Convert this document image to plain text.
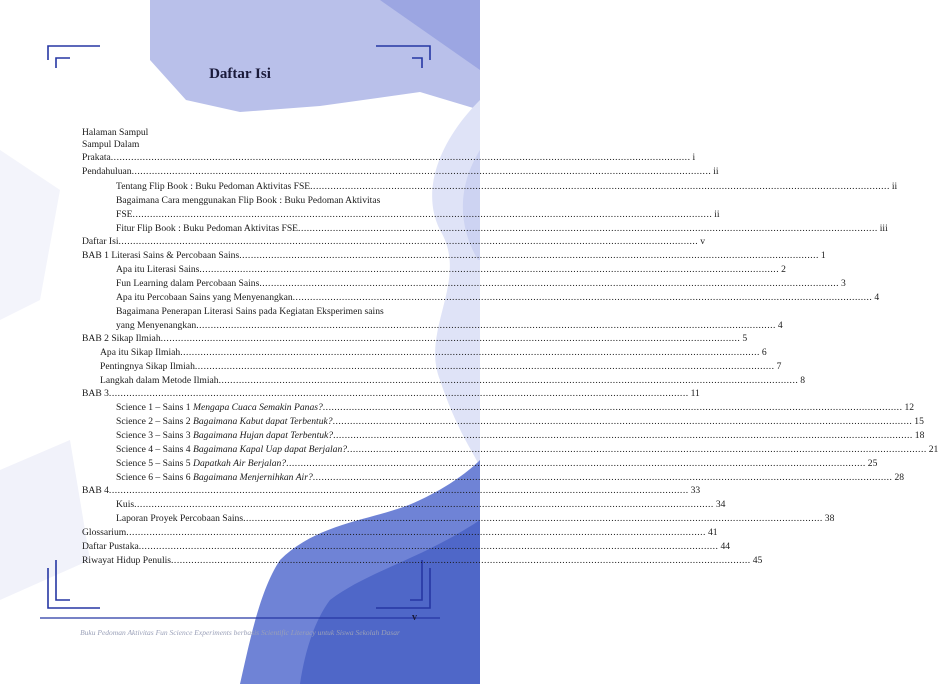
Daftar Isi
Halaman Sampul
Sampul Dalam
Prakata ........................................................................................................................................................................................................ i
Pendahuluan ........................................................................................................................................................................................................ ii
Tentang Flip Book : Buku Pedoman Aktivitas FSE ........................................................................................................................................................................................................ ii
Bagaimana Cara menggunakan Flip Book : Buku Pedoman Aktivitas
FSE ........................................................................................................................................................................................................ ii
Fitur Flip Book : Buku Pedoman Aktivitas FSE ........................................................................................................................................................................................................ iii
Daftar Isi ........................................................................................................................................................................................................ v
BAB 1 Literasi Sains & Percobaan Sains ........................................................................................................................................................................................................ 1
Apa itu Literasi Sains ........................................................................................................................................................................................................ 2
Fun Learning dalam Percobaan Sains ........................................................................................................................................................................................................ 3
Apa itu Percobaan Sains yang Menyenangkan ........................................................................................................................................................................................................ 4
Bagaimana Penerapan Literasi Sains pada Kegiatan Eksperimen sains
yang Menyenangkan ........................................................................................................................................................................................................ 4
BAB 2 Sikap Ilmiah ........................................................................................................................................................................................................ 5
Apa itu Sikap Ilmiah ........................................................................................................................................................................................................ 6
Pentingnya Sikap Ilmiah ........................................................................................................................................................................................................ 7
Langkah dalam Metode Ilmiah ........................................................................................................................................................................................................ 8
BAB 3 ........................................................................................................................................................................................................ 11
Science 1 – Sains 1 Mengapa Cuaca Semakin Panas? ........................................................................................................................................................................................................ 12
Science 2 – Sains 2 Bagaimana Kabut dapat Terbentuk? ........................................................................................................................................................................................................ 15
Science 3 – Sains 3 Bagaimana Hujan dapat Terbentuk? ........................................................................................................................................................................................................ 18
Science 4 – Sains 4 Bagaimana Kapal Uap dapat Berjalan? ........................................................................................................................................................................................................ 21
Science 5 – Sains 5 Dapatkah Air Berjalan? ........................................................................................................................................................................................................ 25
Science 6 – Sains 6 Bagaimana Menjernihkan Air? ........................................................................................................................................................................................................ 28
BAB 4 ........................................................................................................................................................................................................ 33
Kuis ........................................................................................................................................................................................................ 34
Laporan Proyek Percobaan Sains ........................................................................................................................................................................................................ 38
Glossarium ........................................................................................................................................................................................................ 41
Daftar Pustaka ........................................................................................................................................................................................................ 44
Riwayat Hidup Penulis ........................................................................................................................................................................................................ 45
v
Buku Pedoman Aktivitas Fun Science Experiments berbasis Scientific Literacy untuk Siswa Sekolah Dasar
